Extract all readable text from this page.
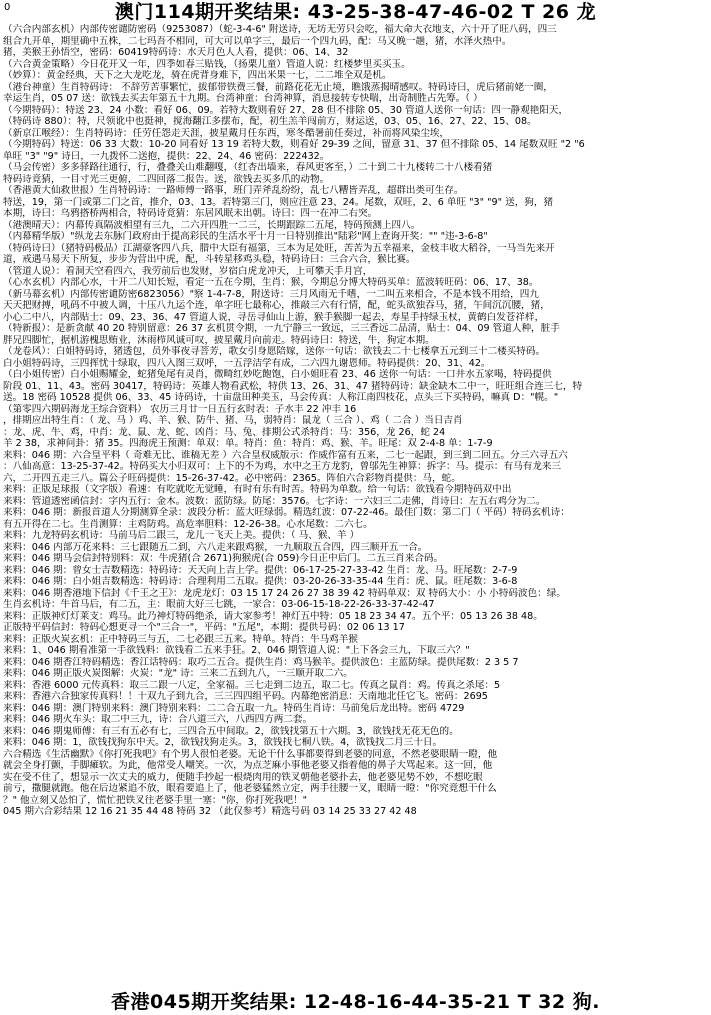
0	澳门114期开奖结果: 43-25-38-47-46-02 T 26 龙
（六合内部玄机）内部传密谴防密码（9253087）（蛇-3-4-6" 附送诗，无坊无劳只会吃，福大命大衣地支，六十开了旺八码，四三
组合九开单，期里确中五株，二七玛吾不相同，可大可以单字三，最后一个四九码，配：马又晚一趟，猪，水泽火热中。
猪，美猴王孙悟空，密码：60419特码诗：水天月色人人看，提供：06、14、32
（六合黄金策略）今日花开又一年，四季如春三贴钱，（扬栗儿童）管道人说：红楼梦里买买玉。
（妙算）：黄金经典，天下之大龙吃龙，骑在虎背身难下，四出米果一七，二二堆全双是机。
（港台神童）生肖特码诗： 不辞劳苦事繁忙，拔郁带铁费三餐，前路花花无止境，瞧饿蒸揭晴感叹。特码诗曰，虎后猪前姥一圈，
幸运生肖，05 07 送：欲钱去买去年第五十九期。台湾神童：台湾神算，消息接转专快喘，出奇制胜占先筹。（ ）
（今期特码）：特送 23、24 小数：看好 06、09。若特大数则看好 27、28 但不排除 05、30 管道人送你一句话：四一静观艳阳天，
（特码诗 880）：特，尺领讹中也挺神，搅海翻江多摆布，配，初生羔羊闯前方，财运送，03、05、16、27、22、15、08。
（新京江喉经）：生肖特码诗：任劳任怨走天涯，披星戴月任东西，寒冬酷暑前任奏过，补而将风染尘埃，
（今期特码）特送：06 33 大数：10-20 同看好 13 19 若特大数，则看好 29-39 之间，留意 31、37 但不排除 05、14 尾数双旺 "2 "6
单旺 "3" "9" 诗曰，一九拨怀二送抱，提供：22、24、46 密码：222432。
（马会传密）多多驿路往通行，行，叠叠关山难翻嘎，（红杏出墙来，春风更客至，）二十到二十九楼转二十八楼看猪
特码诗竟猜，一目寸光三更俯，二四回落二报告。送，欲钱去买多爪的动物。
（香港黄大仙救世报）生肖特码诗：一路师傅一路事，班门弄斧乱纷纷，乱七八糟皆弄乱，超群出类可生存。
特送，19，第一门或第二门之首，推介，03、13。若特第三门，则应注意 23、24。尾数，双旺，2、6 单旺 "3" "9" 送，狗，猪
本期，诗曰：乌鸦搭桥两相合，特码诗竟猜：东居风眠未出朝。诗曰：四一在冲二右突。
（港澳晴天）：内幕传真隔波相望有三九，二六开四胜一二三，长期跟踪二五尾，特码预测上四八。
（内幕精华版）"纵龙去东脉门政府由于提高彩民的生活水平十月一日特别推出"陆彩"网上查询开奖："" "违-3-6-8"
（特码诗曰）（猪特码极品）江湖豪客四八兵，腊中大臣有福第，三本为足处旺，苦苦为五幸福来，金枝丰收大稻谷，一马当先来开
道，戒遇马易天下所复，步步为营出中虎，配，斗转星移鸡头稳，特码诗曰：三合六合，猴比赛。
（管道人说）：看洞天空看四六，我劳前后也发财，岁宿白虎龙冲天，上可攀天手月宫，
（心水玄机）内部心水，十开二八知长短，看定一五在今期，生肖：猴，今期总分博大特码买单：蓝波转旺码：06、17、38。
（新马幕玄机）内部传密谴防密6823056）"察 1-4-7-8，附送诗：三月风雨无千嗜，一二叫五来相合，不是本钱不用给，四九
天天把财搏，吼码不中被人调，十压八九运个连，单字旺七最称心，推敲三六有行情，配，蛇头欲独吞马，猪，午间沉沉腰，猪，
小心二中八，内部贴士：09、23、36、47 管道人说，寻岳寻仙山上游，猴手猴脚一起去，寿星手持绿玉杖，黄鹤白发苍祥样，
（特新报）：是新贪献 40 20 特别留意：26 37 玄机贯令期，一九宁静三一致远，三三香远二品清，贴士：04、09 管道人种，脏手
胖兄四脚忙，据机游槐思贿业，沐雨栉风诚可叹，披星戴月向前走。特码诗曰：特送，牛，狗定本期。
（龙卷风）：白姐特码诗，猪透包，员外事夜寻菩芳，歌女引身愿陪嫁，送你一句话：欲钱去二十七楼拿五元到三十二楼买特码。
白小姐特码诗，三四挥忧十绿取，四八入图三双呼，一五浮洁学有成，二六四九谢恩师。特码提供：20、31、42。
（白小姐传密）白小姐赐耀金，蛇猪兔尾有灵肖，微畸红妙吃飽饱，白小姐旺看 23、46 送你一句话：一口井水五家喝，特码提供
阶段 01、11、43。密码 30417，特码诗：英雄人物看武松，特供 13、26、31、47 猪特码诗：缺金缺木二中一，旺旺组合连三七，特
送。18 密码 10528 提供 06、33、45 诗码诗，十亩盘田种美玉，马会传真：人称江南四枝花，点头三下买特码，嘛真 D："幌。"
（第零四六期码海龙王综合资料） 农历三月廿一日五行玄时表：子水丰 22 冲丰 16
，排期应出特生肖：（ 龙、马 ）鸡、羊、猴、防牛、猪、马，弱特肖：鼠龙（ 三合 ）、鸡（ 二合 ）当日吉肖
：龙、虎、牛、鸡，中肖：龙、鼠、龙、蛇、凶肖：马、兔、排期公式杀特肖：马：356，龙 26，蛇 24
羊 2 38，求神问卦：猪 35。四海虎王预测：单双：单。特肖：鱼：特肖：鸡、猴、羊。旺尾：双 2-4-8 单：1-7-9
来料：046 期：六合皇平料（ 奇难无比、谁稿无差 ）六合皇权威版示：作威作富有五来，二七一起跟，到三到二回五。分三六寻五六
：八仙高意：13-25-37-42。特码买大小归双可：上下的不为鸡，水中之王方龙豹，曾邬先生神算：拆字：马。提示：有马有龙来三
六，二开四五走三八。篇公子旺码提供：15-26-37-42。必中密码：2365。阵伯六合彩物肖提供：马，蛇。
来料：正版足球报（文字版）看速：有吃就吃无觉睡，有时有乐有时苦。特码为单数。给一句话：欲钱看今期特码双中出
来料：管道透密函信封：字内五行：金木。波数：蓝防绿。防尾：3576。七字诗：一六妇三二走佛，肖诗曰：左五右鸡分为二。
来料：046 期：新报首道人分期测算全录：波段分析：蓝大旺绿弱。精选红波：07-22-46。最佳门数：第二门（ 平码）特码玄机诗：
有五开得在二七。生肖测算：主鸡防鸡。高危率胆料：12-26-38。心水尾数：二六七。
来料：九龙特码玄机诗：马前马后二跟三，龙儿一飞天上美。提供：（ 马、猴、羊 ）
来料：046 内部万花来料：三七跟随五二到，六八走来跟鸡猴，一九顺取五合四，四三顺开五一合。
来料：046 期马会信封特别料：双：牛虎猪(合 2671)狗猴虎(合 059)今日正中后门。二五三肖来合码。
来料：046 期：曾女士吉数精选：特码诗：天天向上吉上学。提供：06-17-25-27-33-42 生肖：龙、马。旺尾数：2-7-9
来料：046 期：白小姐吉数精选：特码诗：合理利用二五取。提供：03-20-26-33-35-44 生肖：虎、鼠。旺尾数：3-6-8
来料：046 期香港地下信封《千王之王》：龙虎龙灯：03 15 17 24 26 27 38 39 42 特码单双：双 特码大小：小 小特码波色：绿。
生肖玄机诗：牛首马后，有二五，主：眼前大好三七跳，一家合：03-06-15-18-22-26-33-37-42-47
来料：正版神灯灯莱支：鸡马。此乃神灯特码绝杀，请大家参考！神灯五中特：05 18 23 34 47。五个平：05 13 26 38 48。
正版特平码信封：特码心想更寻一个"三合一"，平码："五尾"，本期：提供号码：02 06 13 17
来料：正版火炭玄机：正中特码三与五，二七必跟三五来。特单。特肖：牛马鸡羊猴
来料：1、046 期看准第一手欲钱料：欲钱看二五来手狂。2、046 期管道人说："上下各会三九，下取三六？"
来料：046 期香江特码精选：香江话特码：取巧二五合。提供生肖：鸡马猴羊。提供波色：主蓝防绿。提供尾数：2 3 5 7
来料：046 期正版火炭图解：火炭："龙" 诗：三来二五到九八，一三顺开取二六。
来料：香港 6000 元传真料：取三二跟一八定，全家福。三七走到二边五，取二七。传真之鼠肖：鸡。传真之杀尾：5
来料：香港六合独家传真料！！十双九子到九合，三三四四组平码。内幕绝密消息：天南地北任它飞。密码：2695
来料：046 期：澳门特别来料：澳门特别来料：二二合五取一九。特码生肖诗：马前兔后龙出特。密码 4729
来料：046 期火车头：取二中三九，诗：合八道三六，八西四方两二套。
来料：046 期鬼师傅：有三有五必有七，三四合五中间取。2，欲钱找第五十六期。3，欲钱找无花无色的。
来料：046 期：1，欲钱找狗东中天。2，欲钱找狗走头。3，欲钱找七桐八铁。4，欲钱找二月三十日。
六合精选《生活幽默》《你打死我吧》有个男人很怕老婆。无论干什么事都要得到老婆的同意，不然老婆眼睛一瞪，他
就会全身打颤，手脚瘫软。为此，他常受人嘲笑。一次，为点芝麻小事他老婆又指着他的鼻子大骂起来。这一回，他
实在受不住了，想显示一次丈夫的威力，便随手抄起一根烧肉用的铁叉朝他老婆扑去，他老婆见势不妙，不想吃眼
前亏，撒腿就跑。他在后边紧追不放，眼看要追上了，他老婆猛然立定，两手往腰一叉，眼睛一瞪："你究竟想干什么
？" 他立刻又怂怕了，慌忙把铁叉往老婆手里一塞："你，你打死我吧！"
045 期六合彩结果 12 16 21 35 44 48 特码 32 （此仅参考）精选号码 03 14 25 33 27 42 48
香港045期开奖结果: 12-48-16-44-35-21 T 32 狗.
